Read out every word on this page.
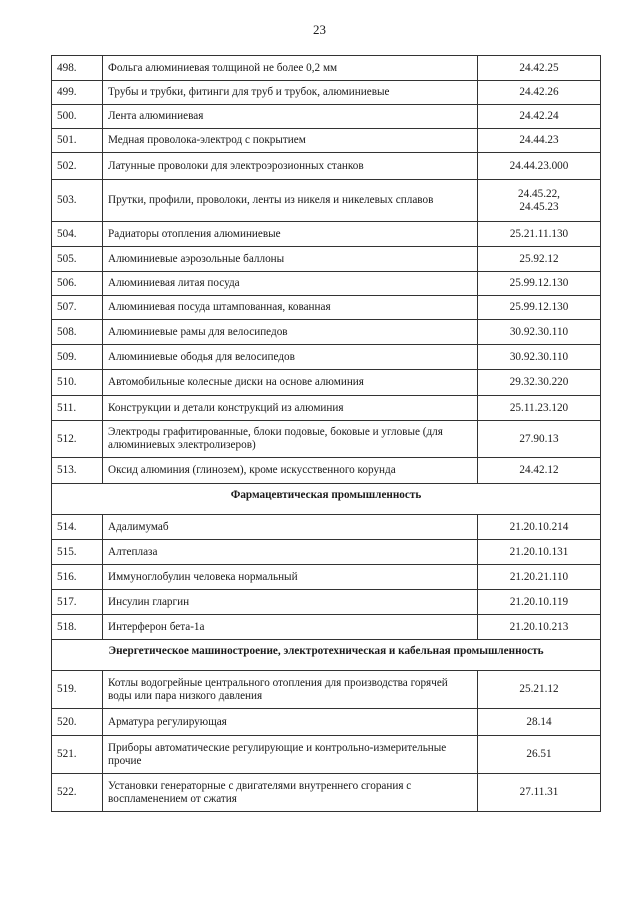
23
498.	Фольга алюминиевая толщиной не более 0,2 мм	24.42.25
499.	Трубы и трубки, фитинги для труб и трубок, алюминиевые	24.42.26
500.	Лента алюминиевая	24.42.24
501.	Медная проволока-электрод с покрытием	24.44.23
502.	Латунные проволоки для электроэрозионных станков	24.44.23.000
503.	Прутки, профили, проволоки, ленты из никеля и никелевых сплавов	24.45.22,
24.45.23

504.	Радиаторы отопления алюминиевые	25.21.11.130
505.	Алюминиевые аэрозольные баллоны	25.92.12
506.	Алюминиевая литая посуда	25.99.12.130
507.	Алюминиевая посуда штампованная, кованная	25.99.12.130
508.	Алюминиевые рамы для велосипедов	30.92.30.110
509.	Алюминиевые ободья для велосипедов	30.92.30.110
510.	Автомобильные колесные диски на основе алюминия	29.32.30.220
511.	Конструкции и детали конструкций из алюминия	25.11.23.120
512.	Электроды графитированные, блоки подовые, боковые и угловые (для алюминиевых электролизеров)	27.90.13
513.	Оксид алюминия (глинозем), кроме искусственного корунда	24.42.12
Фармацевтическая промышленность		
514.	Адалимумаб	21.20.10.214
515.	Алтеплаза	21.20.10.131
516.	Иммуноглобулин человека нормальный	21.20.21.110
517.	Инсулин гларгин	21.20.10.119
518.	Интерферон бета-1а	21.20.10.213
Энергетическое машиностроение, электротехническая и кабельная промышленность		
519.	Котлы водогрейные центрального отопления для производства горячей воды или пара низкого давления	25.21.12
520.	Арматура регулирующая	28.14
521.	Приборы автоматические регулирующие и контрольно-измерительные прочие	26.51
522.	Установки генераторные с двигателями внутреннего сгорания с воспламенением от сжатия	27.11.31
